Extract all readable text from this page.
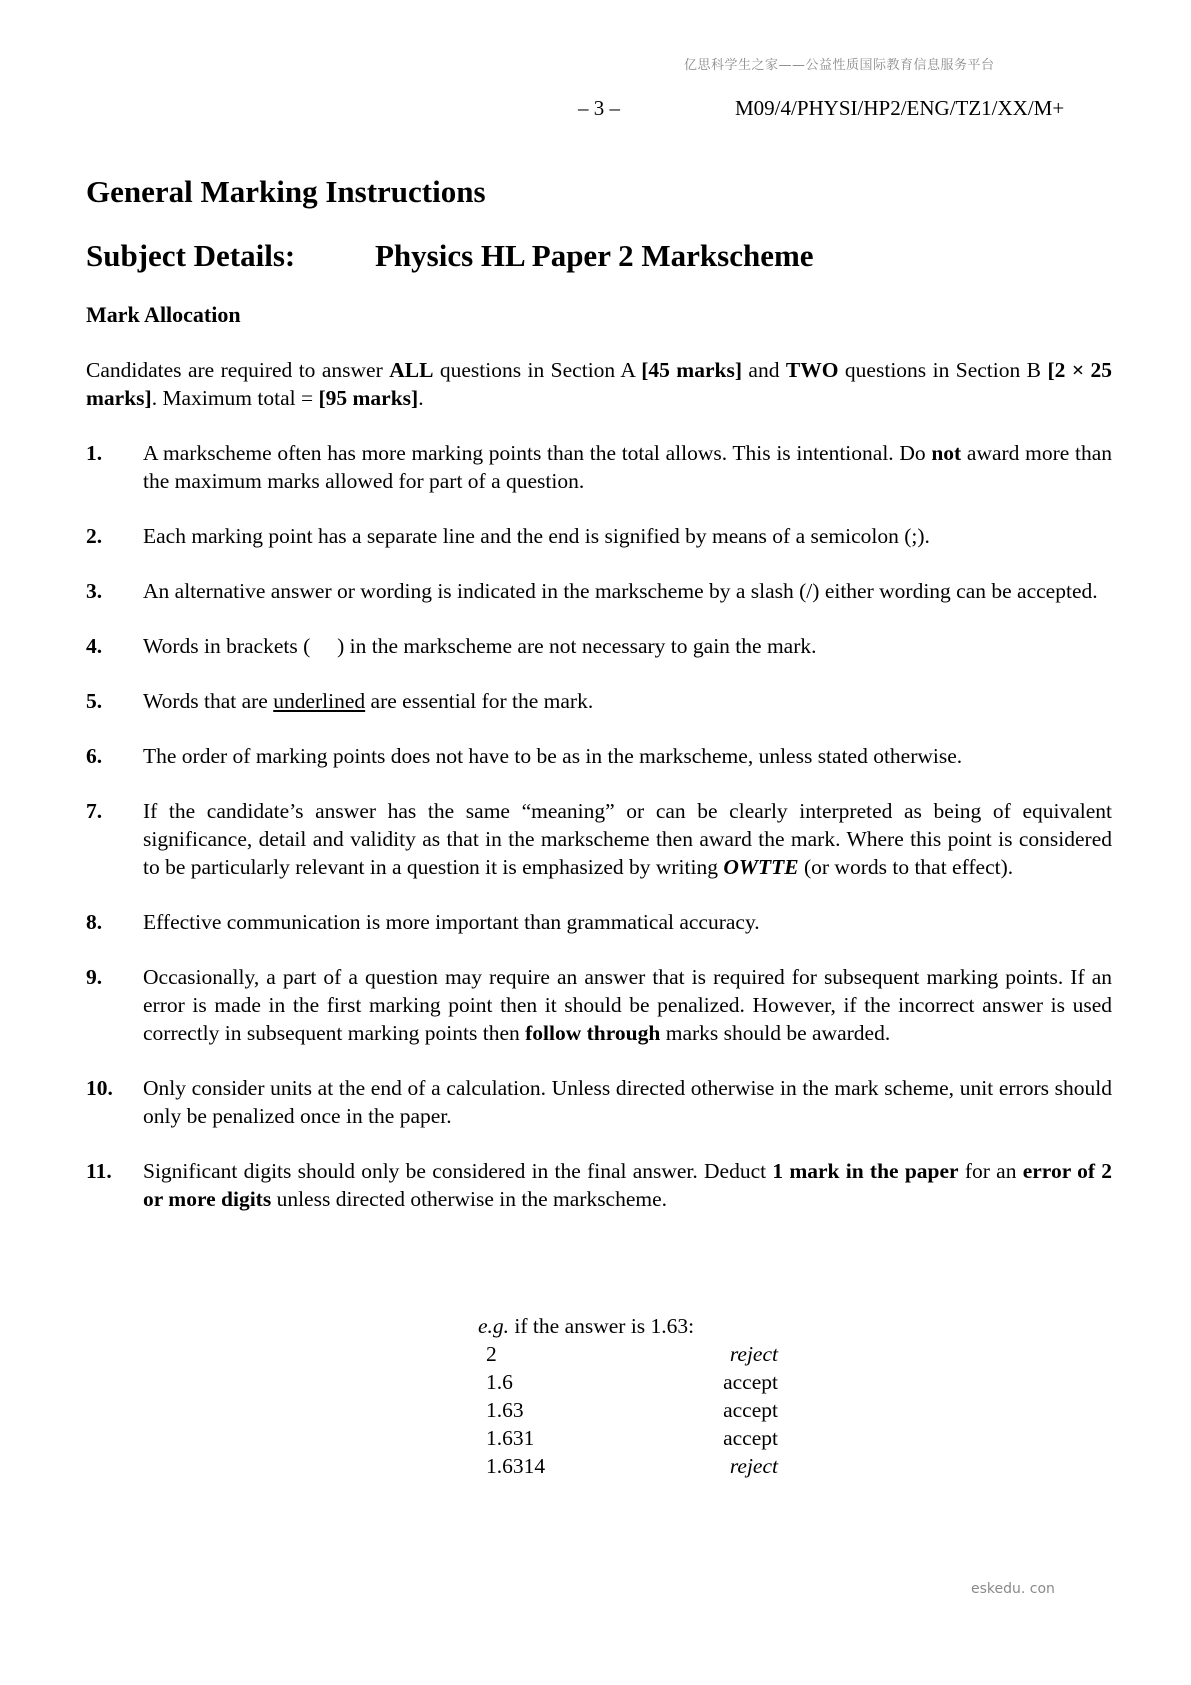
亿思科学生之家——公益性质国际教育信息服务平台
– 3 –	M09/4/PHYSI/HP2/ENG/TZ1/XX/M+
General Marking Instructions
Subject Details:	Physics HL Paper 2 Markscheme
Mark Allocation
Candidates are required to answer ALL questions in Section A [45 marks] and TWO questions in Section B [2 × 25 marks]. Maximum total = [95 marks].
1.	A markscheme often has more marking points than the total allows. This is intentional. Do not award more than the maximum marks allowed for part of a question.
2.	Each marking point has a separate line and the end is signified by means of a semicolon (;).
3.	An alternative answer or wording is indicated in the markscheme by a slash (/) either wording can be accepted.
4.	Words in brackets (     ) in the markscheme are not necessary to gain the mark.
5.	Words that are underlined are essential for the mark.
6.	The order of marking points does not have to be as in the markscheme, unless stated otherwise.
7.	If the candidate’s answer has the same “meaning” or can be clearly interpreted as being of equivalent significance, detail and validity as that in the markscheme then award the mark. Where this point is considered to be particularly relevant in a question it is emphasized by writing OWTTE (or words to that effect).
8.	Effective communication is more important than grammatical accuracy.
9.	Occasionally, a part of a question may require an answer that is required for subsequent marking points. If an error is made in the first marking point then it should be penalized. However, if the incorrect answer is used correctly in subsequent marking points then follow through marks should be awarded.
10.	Only consider units at the end of a calculation. Unless directed otherwise in the mark scheme, unit errors should only be penalized once in the paper.
11.	Significant digits should only be considered in the final answer. Deduct 1 mark in the paper for an error of 2 or more digits unless directed otherwise in the markscheme.
e.g. if the answer is 1.63:
2	reject
1.6	accept
1.63	accept
1.631	accept
1.6314	reject
eskedu. con
